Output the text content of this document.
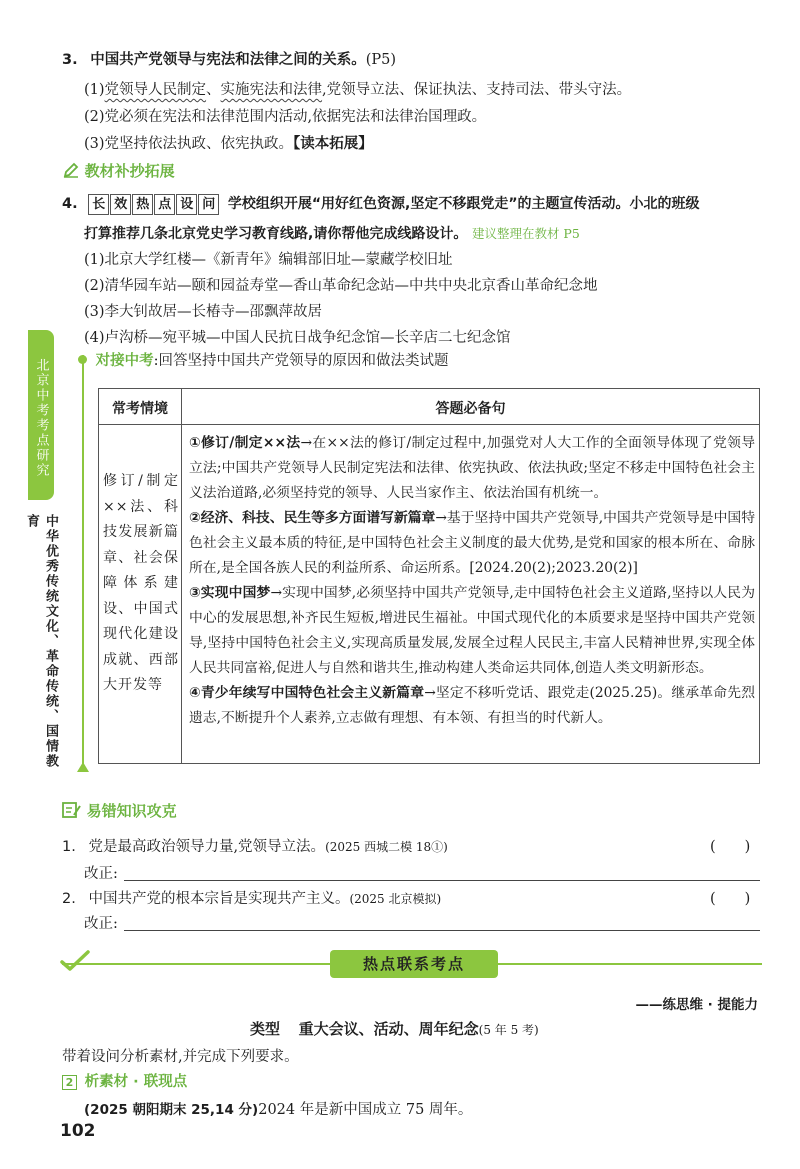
北京中考考点研究
中华优秀传统文化、革命传统、国情教育
3. 中国共产党领导与宪法和法律之间的关系。(P5)
(1)党领导人民制定、实施宪法和法律,党领导立法、保证执法、支持司法、带头守法。
(2)党必须在宪法和法律范围内活动,依据宪法和法律治国理政。
(3)党坚持依法执政、依宪执政。【读本拓展】
教材补抄拓展
4. 长 效 热 点 设 问 学校组织开展“用好红色资源,坚定不移跟党走”的主题宣传活动。小北的班级
打算推荐几条北京党史学习教育线路,请你帮他完成线路设计。 建议整理在教材 P5
(1)北京大学红楼—《新青年》编辑部旧址—蒙藏学校旧址
(2)清华园车站—颐和园益寿堂—香山革命纪念站—中共中央北京香山革命纪念地
(3)李大钊故居—长椿寺—邵飘萍故居
(4)卢沟桥—宛平城—中国人民抗日战争纪念馆—长辛店二七纪念馆
对接中考:回答坚持中国共产党领导的原因和做法类试题
常考情境	答题必备句
修订/制定××法、科技发展新篇章、社会保障体系建设、中国式现代化建设成就、西部大开发等

①修订/制定××法→在××法的修订/制定过程中,加强党对人大工作的全面领导体现了党领导立法;中国共产党领导人民制定宪法和法律、依宪执政、依法执政;坚定不移走中国特色社会主义法治道路,必须坚持党的领导、人民当家作主、依法治国有机统一。

②经济、科技、民生等多方面谱写新篇章→基于坚持中国共产党领导,中国共产党领导是中国特色社会主义最本质的特征,是中国特色社会主义制度的最大优势,是党和国家的根本所在、命脉所在,是全国各族人民的利益所系、命运所系。[2024.20(2);2023.20(2)]

③实现中国梦→实现中国梦,必须坚持中国共产党领导,走中国特色社会主义道路,坚持以人民为中心的发展思想,补齐民生短板,增进民生福祉。中国式现代化的本质要求是坚持中国共产党领导,坚持中国特色社会主义,实现高质量发展,发展全过程人民民主,丰富人民精神世界,实现全体人民共同富裕,促进人与自然和谐共生,推动构建人类命运共同体,创造人类文明新形态。

④青少年续写中国特色社会主义新篇章→坚定不移听党话、跟党走(2025.25)。继承革命先烈遗志,不断提升个人素养,立志做有理想、有本领、有担当的时代新人。

易错知识攻克
1. 党是最高政治领导力量,党领导立法。(2025 西城二模 18①)	(　　)
改正:
2. 中国共产党的根本宗旨是实现共产主义。(2025 北京模拟)	(　　)
改正:
热点联系考点
——练思维 · 提能力
类型 重大会议、活动、周年纪念(5 年 5 考)
带着设问分析素材,并完成下列要求。
2 析素材 · 联现点
(2025 朝阳期末 25,14 分)2024 年是新中国成立 75 周年。
102
